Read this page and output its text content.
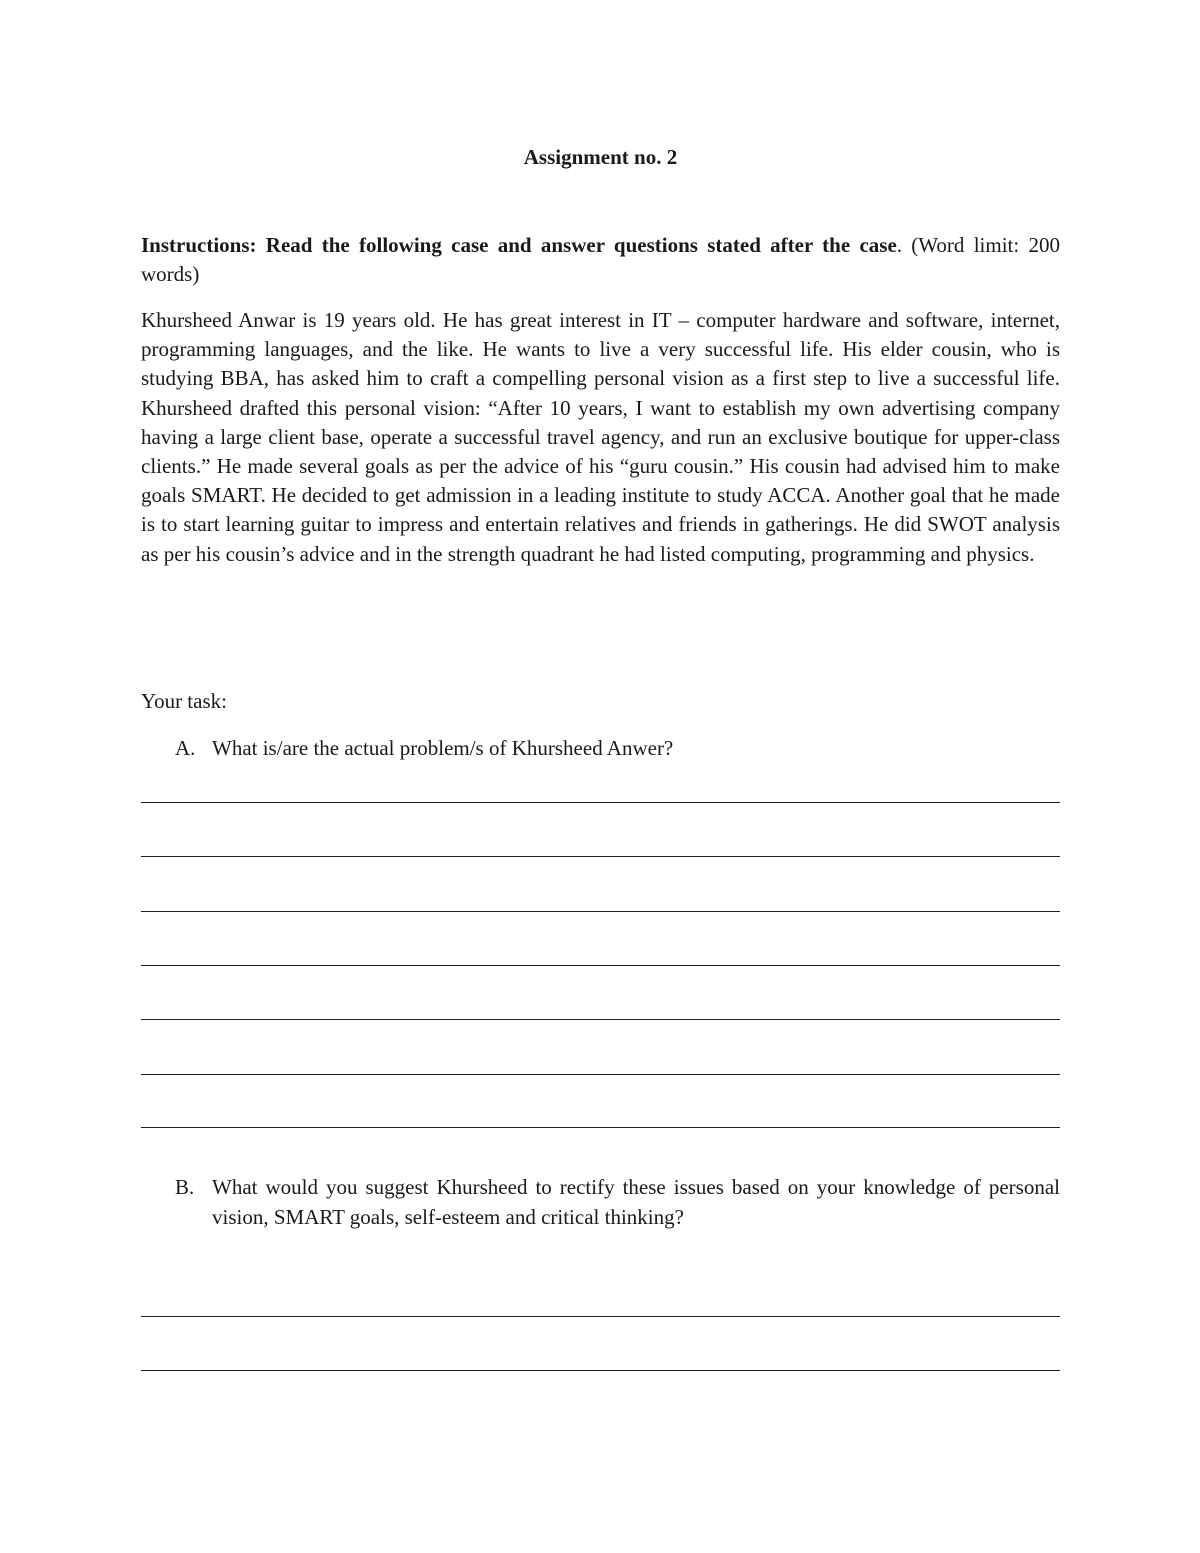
Assignment no. 2

Instructions: Read the following case and answer questions stated after the case. (Word limit: 200 words)

Khursheed Anwar is 19 years old. He has great interest in IT – computer hardware and software, internet, programming languages, and the like. He wants to live a very successful life. His elder cousin, who is studying BBA, has asked him to craft a compelling personal vision as a first step to live a successful life. Khursheed drafted this personal vision: “After 10 years, I want to establish my own advertising company having a large client base, operate a successful travel agency, and run an exclusive boutique for upper-class clients.” He made several goals as per the advice of his “guru cousin.” His cousin had advised him to make goals SMART. He decided to get admission in a leading institute to study ACCA. Another goal that he made is to start learning guitar to impress and entertain relatives and friends in gatherings. He did SWOT analysis as per his cousin’s advice and in the strength quadrant he had listed computing, programming and physics.

Your task:
A. What is/are the actual problem/s of Khursheed Anwer?
B. What would you suggest Khursheed to rectify these issues based on your knowledge of personal vision, SMART goals, self-esteem and critical thinking?
